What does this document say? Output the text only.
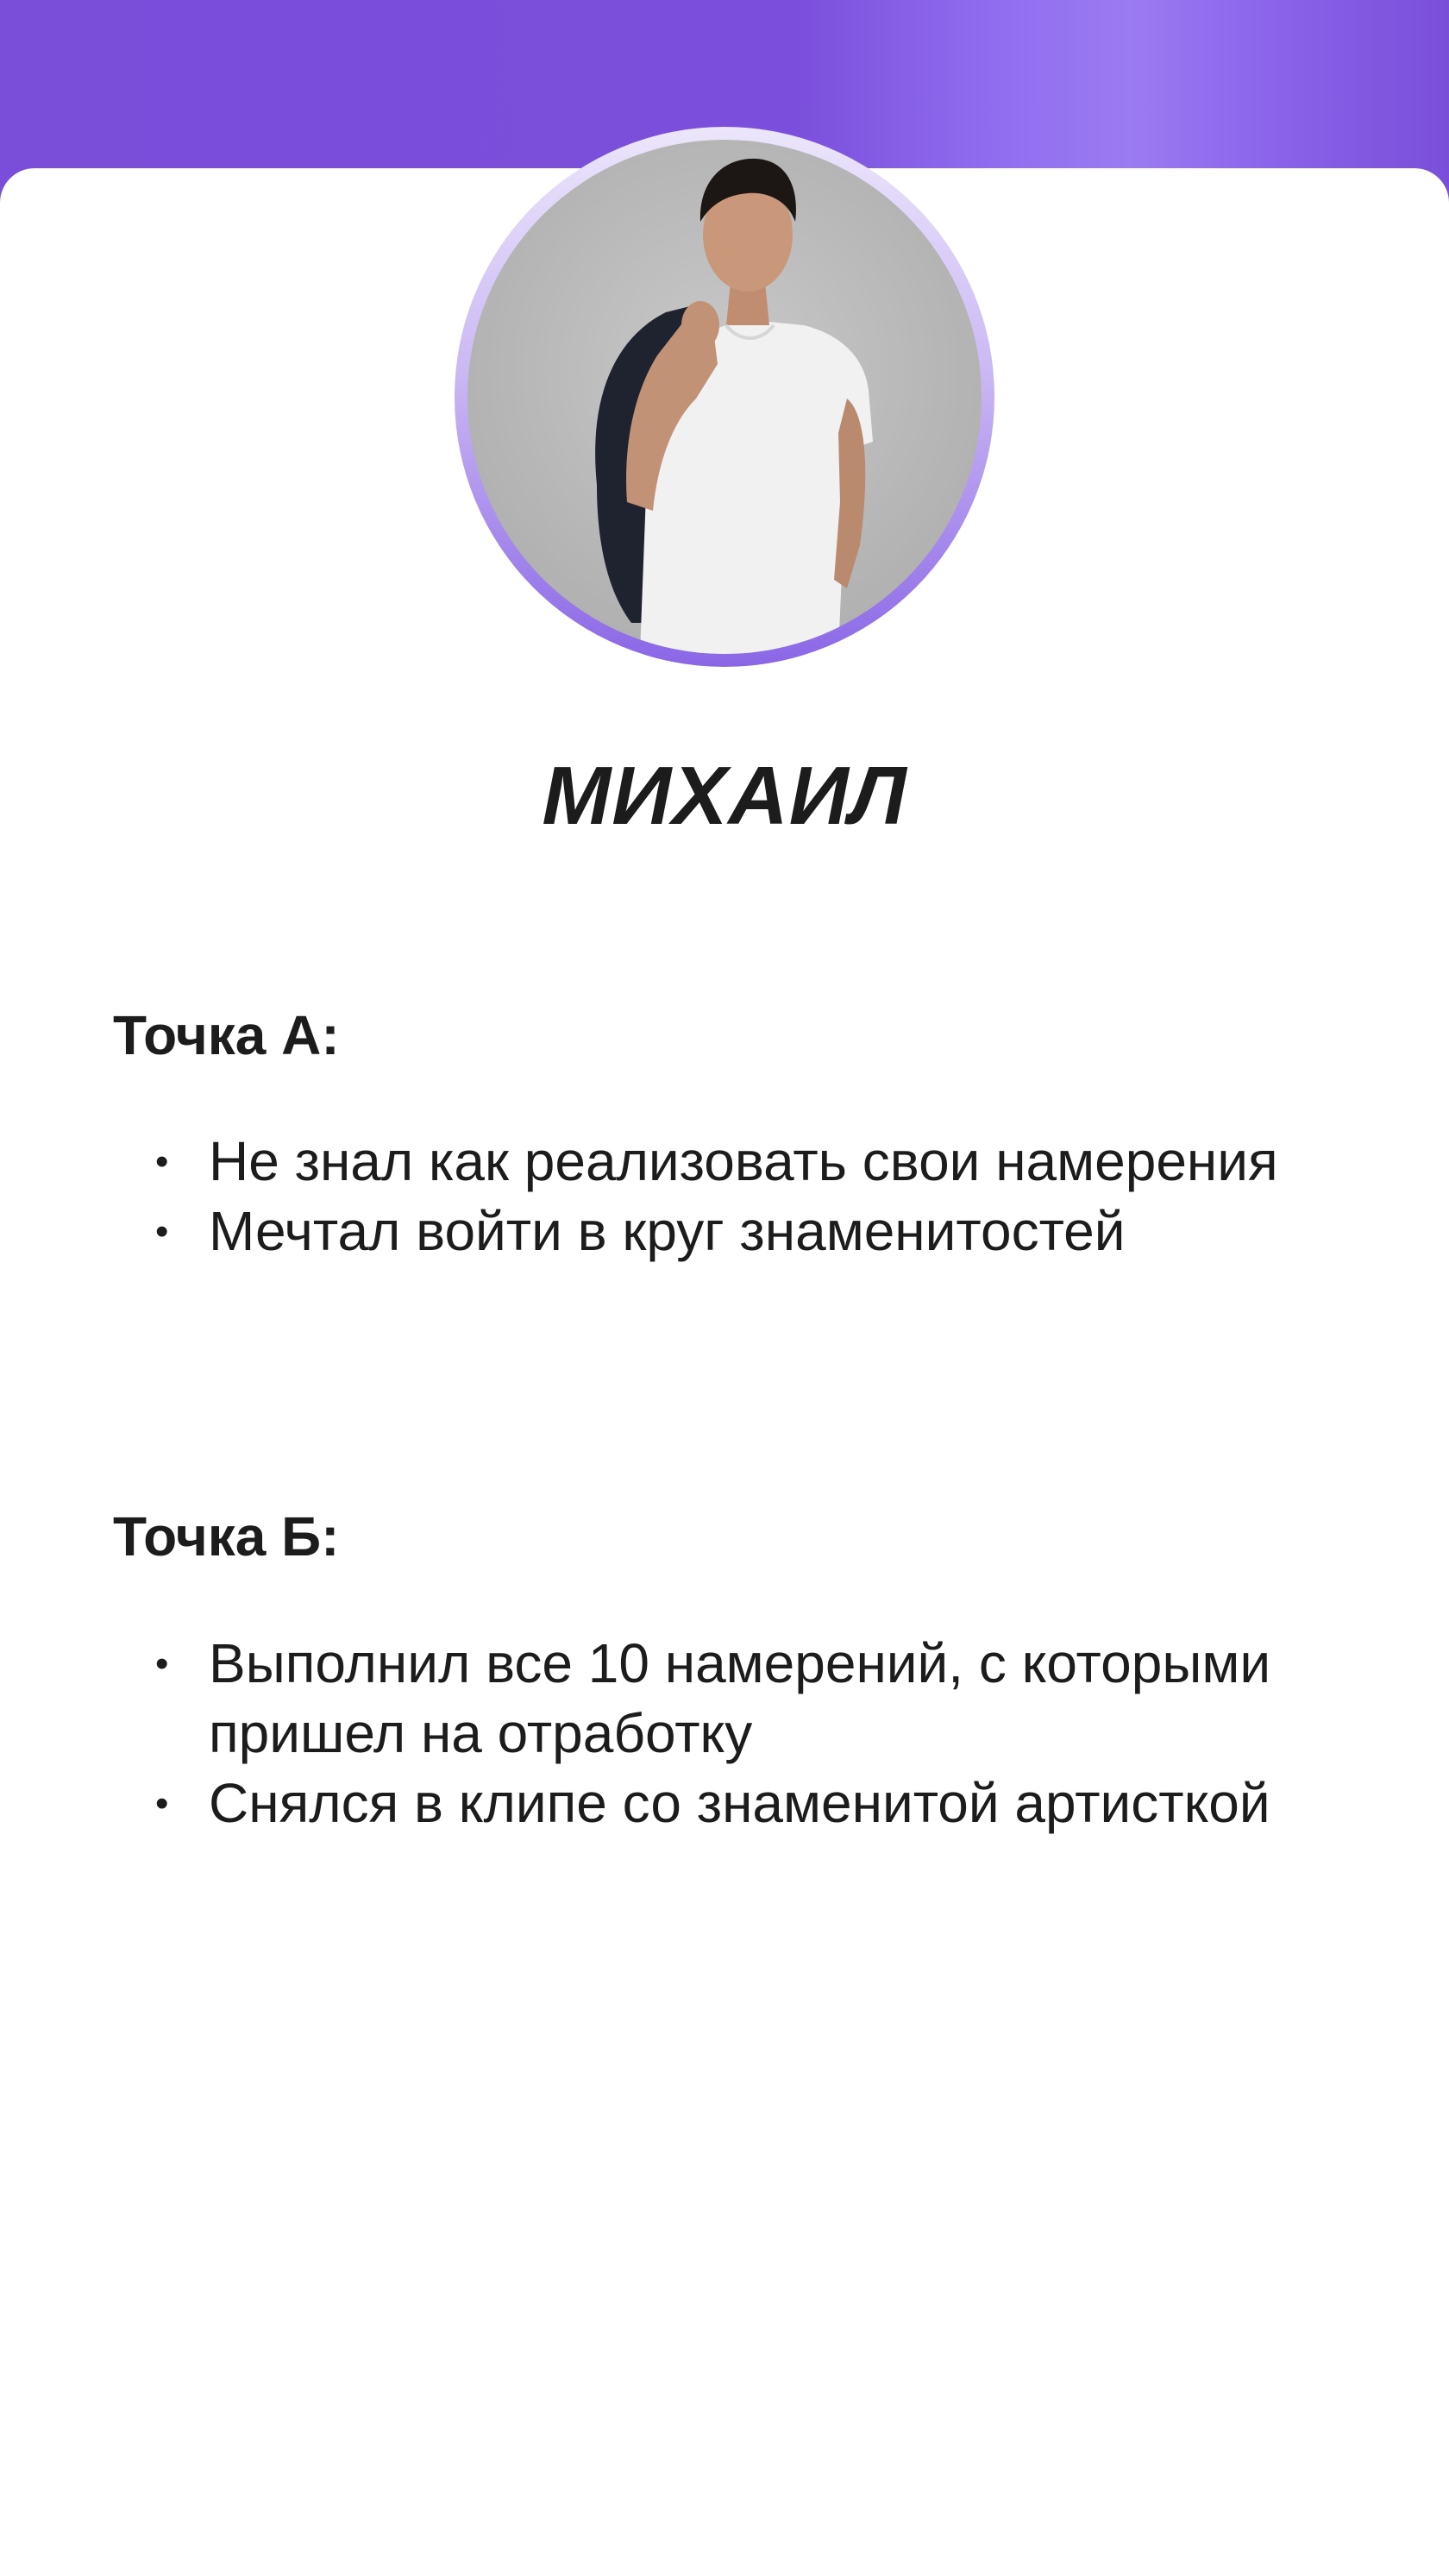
МИХАИЛ
Точка А:
• Не знал как реализовать свои намерения
• Мечтал войти в круг знаменитостей
Точка Б:
• Выполнил все 10 намерений, с которыми пришел на отработку
• Снялся в клипе со знаменитой артисткой
